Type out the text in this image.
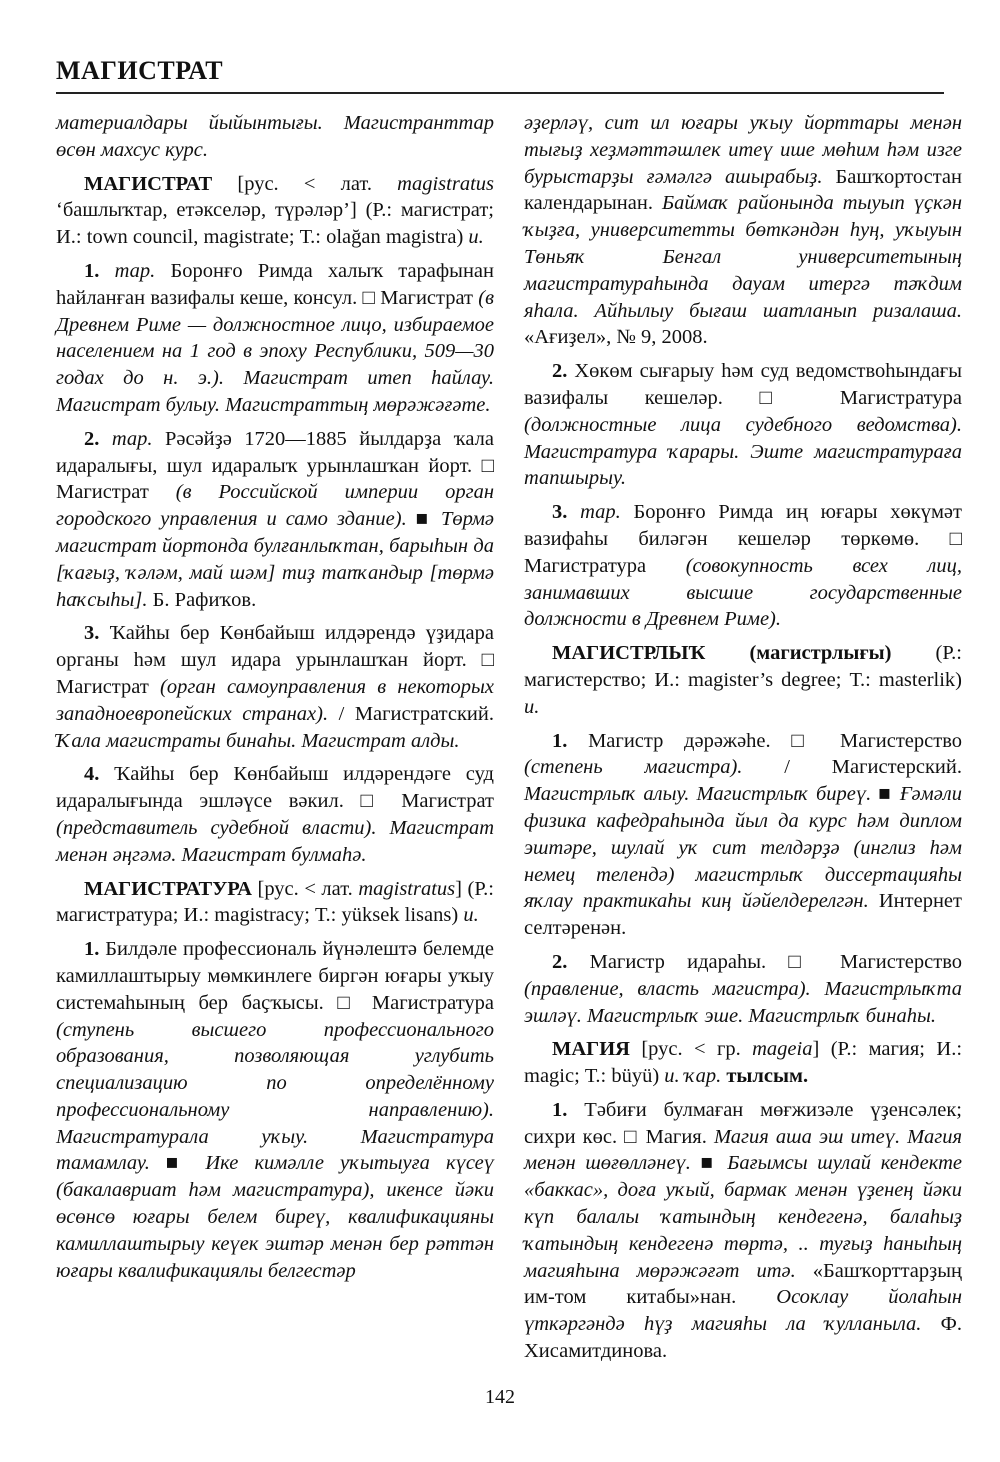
МАГИСТРАТ

материалдары йыйынтығы. Магистранттар өсөн махсус курс.

МАГИСТРАТ [рус. < лат. magistratus ‘башлыҡтар, етәкселәр, түрәләр’] (Р.: магистрат; И.: town council, magistrate; Т.: olağan magistra) и.

1. тар. Боронғо Римда халыҡ тарафынан һайланған вазифалы кеше, консул. □ Магистрат (в Древнем Риме — должностное лицо, избираемое населением на 1 год в эпоху Республики, 509—30 годах до н. э.). Магистрат итеп һайлау. Магистрат булыу. Магистраттың мөрәжәғәте.

2. тар. Рәсәйҙә 1720—1885 йылдарҙа ҡала идаралығы, шул идаралыҡ урынлашҡан йорт. □ Магистрат (в Российской империи орган городского управления и само здание). ■ Төрмә магистрат йортонда булғанлыҡтан, барыһын да [ҡағыҙ, ҡәләм, май шәм] тиҙ тапҡандыр [төрмә һаҡсыһы]. Б. Рафиҡов.

3. Ҡайһы бер Көнбайыш илдәрендә үҙидара органы һәм шул идара урынлашҡан йорт. □ Магистрат (орган самоуправления в некоторых западноевропейских странах). / Магистратский. Ҡала магистраты бинаһы. Магистрат алды.

4. Ҡайһы бер Көнбайыш илдәрендәге суд идаралығында эшләүсе вәкил. □ Магистрат (представитель судебной власти). Магистрат менән әңгәмә. Магистрат булмаһә.

МАГИСТРАТУРА [рус. < лат. magistratus] (Р.: магистратура; И.: magistracy; Т.: yüksek lisans) и.

1. Билдәле профессиональ йүнәлештә белемде камиллаштырыу мөмкинлеге биргән юғары уҡыу системаһының бер баҫҡысы. □ Магистратура (ступень высшего профессионального образования, позволяющая углубить специализацию по определённому профессиональному направлению). Магистратурала уҡыу. Магистратура тамамлау. ■ Ике кимәлле уҡытыуға күсеү (бакалавриат һәм магистратура), икенсе йәки өсөнсө юғары белем биреү, квалификацияны камиллаштырыу кеүек эштәр менән бер рәттән юғары квалификациялы белгестәр

әҙерләү, сит ил юғары уҡыу йорттары менән тығыҙ хеҙмәттәшлек итеү ише мөһим һәм изге бурыстарҙы ғәмәлгә ашырабыҙ. Башҡортостан календарынан. Баймаҡ районында тыуып үҫкән ҡыҙға, университетты бөткәндән һуң, уҡыуын Төньяҡ Бенгал университетының магистратураһында дауам итергә тәҡдим яһала. Айһылыу бығаш шатланып ризалаша. «Ағиҙел», № 9, 2008.

2. Хөкөм сығарыу һәм суд ведомствоһындағы вазифалы кешеләр. □ Магистратура (должностные лица судебного ведомства). Магистратура ҡарары. Эште магистратураға тапшырыу.

3. тар. Боронғо Римда иң юғары хөкүмәт вазифаһы биләгән кешеләр төркөмө. □ Магистратура (совокупность всех лиц, занимавших высшие государственные должности в Древнем Риме).

МАГИСТРЛЫҠ (магистрлығы) (Р.: магистерство; И.: magister’s degree; Т.: masterlik) и.

1. Магистр дәрәжәһе. □ Магистерство (степень магистра). / Магистерский. Магистрлыҡ алыу. Магистрлыҡ биреү. ■ Ғәмәли физика кафедраһында йыл да курс һәм диплом эштәре, шулай уҡ сит телдәрҙә (инглиз һәм немец телендә) магистрлыҡ диссертацияһы яҡлау практикаһы киң йәйелдерелгән. Интернет селтәренән.

2. Магистр идараһы. □ Магистерство (правление, власть магистра). Магистрлыҡта эшләү. Магистрлыҡ эше. Магистрлыҡ бинаһы.

МАГИЯ [рус. < гр. mageia] (Р.: магия; И.: magic; Т.: büyü) и. ҡар. тылсым.

1. Тәбиғи булмаған мөғжизәле үҙенсәлек; сихри көс. □ Магия. Магия аша эш итеү. Магия менән шөғөлләнеү. ■ Бағымсы шулай кендекте «баккас», доға уҡый, бармак менән үҙенең йәки күп балалы ҡатындың кендегенә, балаһыҙ ҡатындың кендегенә төртә, .. туғыҙ һаныһың магияһына мөрәжәғәт итә. «Башҡорттарҙың им-том китабы»нан. Осоклау йолаһын үткәргәндә һүҙ магияһы ла ҡулланыла. Ф. Хисамитдинова.

142
